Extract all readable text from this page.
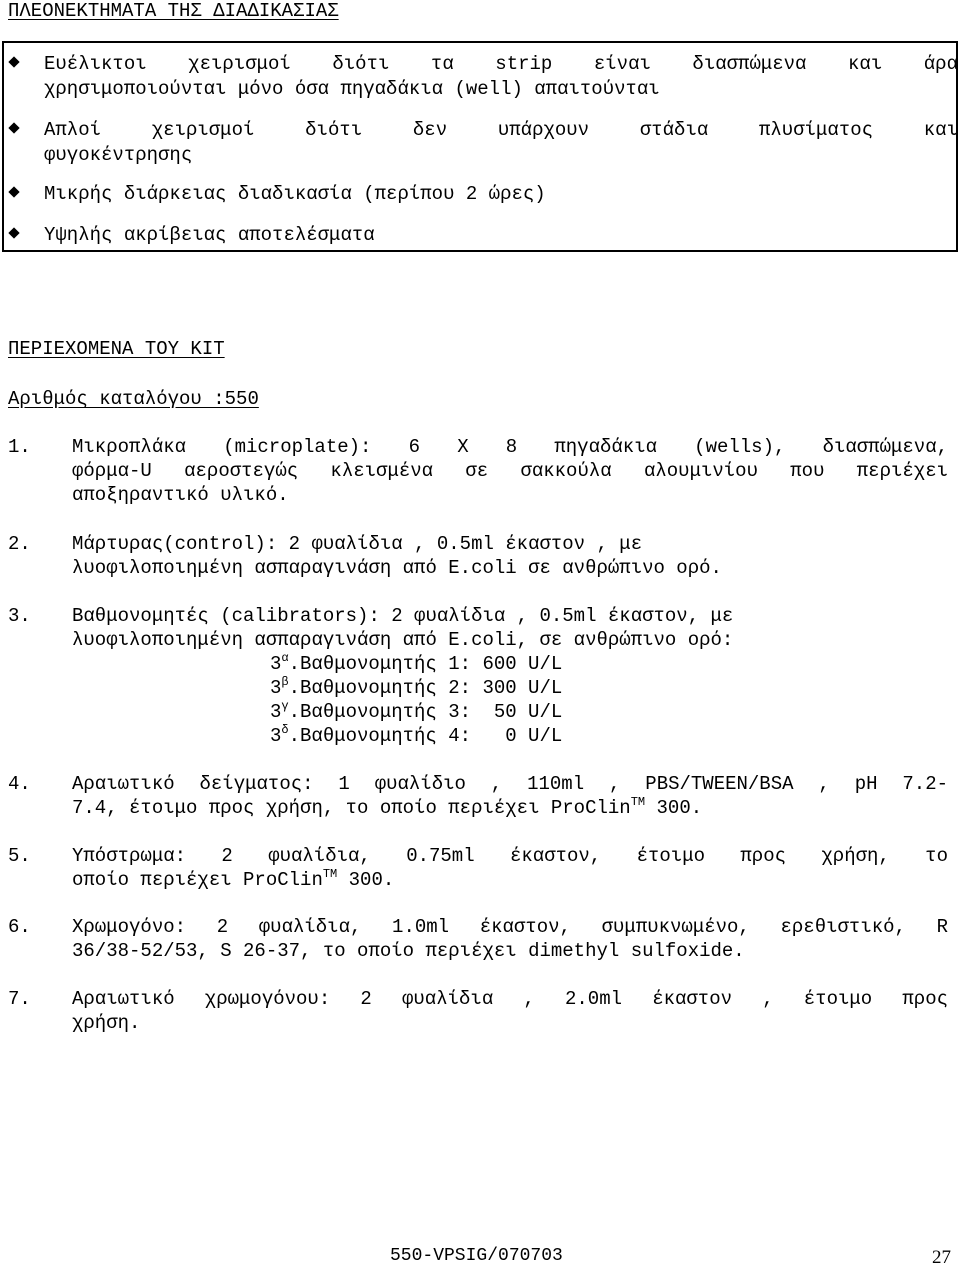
ΠΛΕΟΝΕΚΤΗΜΑΤΑ ΤΗΣ ΔΙΑΔΙΚΑΣΙΑΣ
Ευέλικτοι χειρισμοί διότι τα strip είναι διασπώμενα και άρα
χρησιμοποιούνται μόνο όσα πηγαδάκια (well) απαιτούνται
Απλοί χειρισμοί διότι δεν υπάρχουν στάδια πλυσίματος και
φυγοκέντρησης
Μικρής διάρκειας διαδικασία (περίπου 2 ώρες)
Υψηλής ακρίβειας αποτελέσματα
ΠΕΡΙΕΧΟΜΕΝΑ ΤΟΥ ΚΙΤ
Αριθμός καταλόγου :550
1. Μικροπλάκα (microplate): 6 X 8 πηγαδάκια (wells), διασπώμενα,
φόρμα-U αεροστεγώς κλεισμένα σε σακκούλα αλουμινίου που περιέχει
αποξηραντικό υλικό.
2. Μάρτυρας(control): 2 φυαλίδια , 0.5ml έκαστον , με
λυοφιλοποιημένη ασπαραγινάση από E.coli σε ανθρώπινο ορό.
3. Βαθμονομητές (calibrators): 2 φυαλίδια , 0.5ml έκαστον, με
λυοφιλοποιημένη ασπαραγινάση από E.coli, σε ανθρώπινο ορό:
$3^\alpha.B\alpha\theta\mu o\nu o\mu\eta\tau ή\varsigma$ 1: 600 U/L
$3^\beta.B\alpha\theta\mu o\nu o\mu\eta\tau ή\varsigma$ 2: 300 U/L
$3^\gamma.B\alpha\theta\mu o\nu o\mu\eta\tau ή\varsigma$ 3:  50 U/L
$3^\delta.B\alpha\theta\mu o\nu o\mu\eta\tau ή\varsigma$ 4:   0 U/L
4. Αραιωτικό δείγματος: 1 φυαλίδιο , 110ml , PBS/TWEEN/BSA , pH 7.2-
7.4, έτοιμο προς χρήση, το οποίο περιέχει ProClin™ 300.
5. Υπόστρωμα: 2 φυαλίδια, 0.75ml έκαστον, έτοιμο προς χρήση, το
οποίο περιέχει ProClin™ 300.
6. Χρωμογόνο: 2 φυαλίδια, 1.0ml έκαστον, συμπυκνωμένο, ερεθιστικό, R
36/38-52/53, S 26-37, το οποίο περιέχει dimethyl sulfoxide.
7. Αραιωτικό χρωμογόνου: 2 φυαλίδια , 2.0ml έκαστον , έτοιμο προς
χρήση.
550-VPSIG/070703	27
